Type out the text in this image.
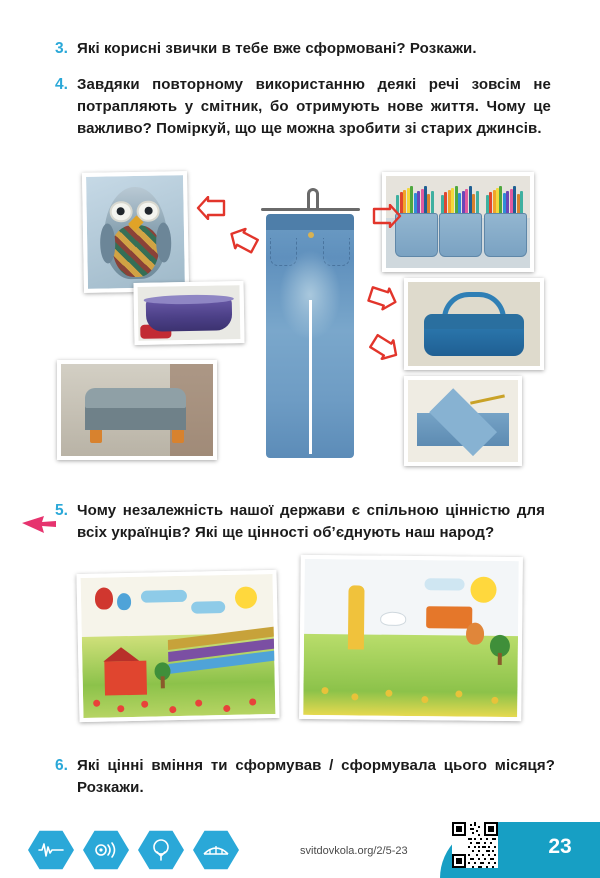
3. Які корисні звички в тебе вже сформовані? Розкажи.
4. Завдяки повторному використанню деякі речі зовсім не потрапляють у смітник, бо отримують нове життя. Чому це важливо? Поміркуй, що ще можна зробити зі старих джинсів.
5. Чому незалежність нашої держави є спільною цінністю для всіх українців? Які ще цінності об’єднують наш народ?
6. Які цінні вміння ти сформував / сформувала цього місяця? Розкажи.
svitdovkola.org/2/5-23	23
